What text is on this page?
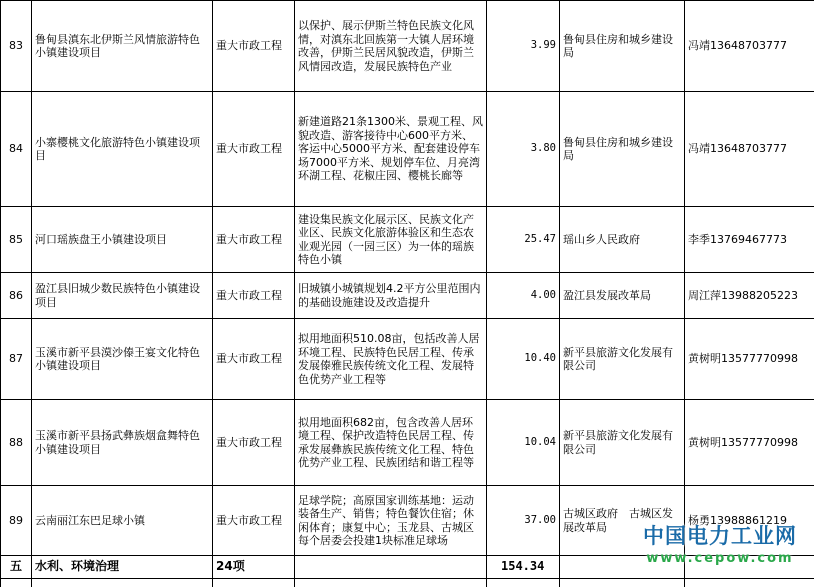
83	鲁甸县滇东北伊斯兰风情旅游特色小镇建设项目	重大市政工程	以保护、展示伊斯兰特色民族文化风情，对滇东北回族第一大镇人居环境改善，伊斯兰民居风貌改造，伊斯兰风情园改造，发展民族特色产业	3.99	鲁甸县住房和城乡建设局	冯靖13648703777
84	小寨樱桃文化旅游特色小镇建设项目	重大市政工程	新建道路21条1300米、景观工程、风貌改造、游客接待中心600平方米、客运中心5000平方米、配套建设停车场7000平方米、规划停车位、月亮湾环湖工程、花椒庄园、樱桃长廊等	3.80	鲁甸县住房和城乡建设局	冯靖13648703777
85	河口瑶族盘王小镇建设项目	重大市政工程	建设集民族文化展示区、民族文化产业区、民族文化旅游体验区和生态农业观光园（一园三区）为一体的瑶族特色小镇	25.47	瑶山乡人民政府	李季13769467773
86	盈江县旧城少数民族特色小镇建设项目	重大市政工程	旧城镇小城镇规划4.2平方公里范围内的基础设施建设及改造提升	4.00	盈江县发展改革局	周江萍13988205223
87	玉溪市新平县漠沙傣王宴文化特色小镇建设项目	重大市政工程	拟用地面积510.08亩，包括改善人居环境工程、民族特色民居工程、传承发展傣雅民族传统文化工程、发展特色优势产业工程等	10.40	新平县旅游文化发展有限公司	黄树明13577770998
88	玉溪市新平县扬武彝族烟盒舞特色小镇建设项目	重大市政工程	拟用地面积682亩，包含改善人居环境工程、保护改造特色民居工程、传承发展彝族民族传统文化工程、特色优势产业工程、民族团结和谐工程等	10.04	新平县旅游文化发展有限公司	黄树明13577770998
89	云南丽江东巴足球小镇	重大市政工程	足球学院；高原国家训练基地：运动装备生产、销售；特色餐饮住宿；休闲体育；康复中心；玉龙县、古城区每个居委会投建1块标准足球场	37.00	古城区政府　古城区发展改革局	杨勇13988861219
五	水利、环境治理	24项		154.34		

中国电力工业网
www.cepow.com
